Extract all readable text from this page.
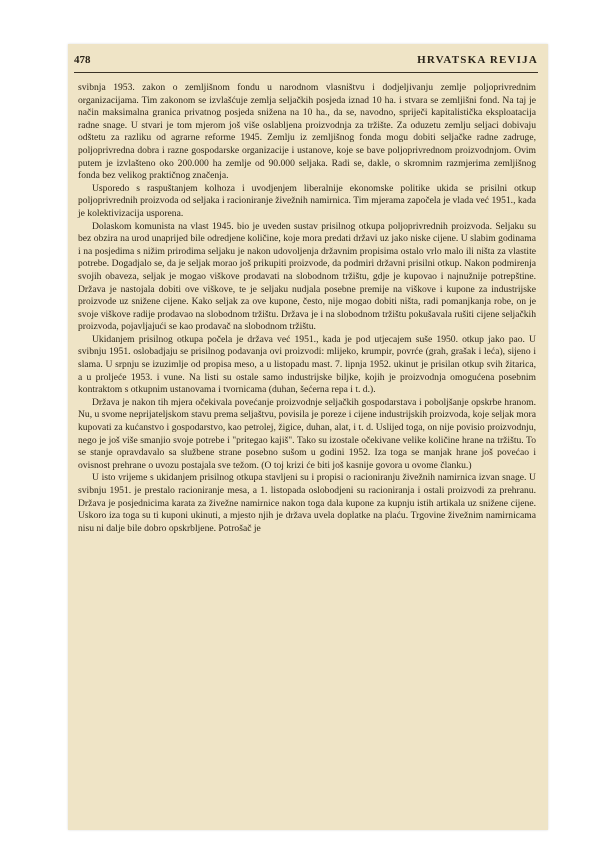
478	HRVATSKA REVIJA

svibnja 1953. zakon o zemljišnom fondu u narodnom vlasništvu i dodjeljivanju zemlje poljoprivrednim organizacijama. Tim zakonom se izvlašćuje zemlja seljačkih posjeda iznad 10 ha. i stvara se zemljišni fond. Na taj je način maksimalna granica privatnog posjeda snižena na 10 ha., da se, navodno, spriječi kapitalistička eksploatacija radne snage. U stvari je tom mjerom još više oslabljena proizvodnja za tržište. Za oduzetu zemlju seljaci dobivaju odštetu za razliku od agrarne reforme 1945. Zemlju iz zemljišnog fonda mogu dobiti seljačke radne zadruge, poljoprivredna dobra i razne gospodarske organizacije i ustanove, koje se bave poljoprivrednom proizvodnjom. Ovim putem je izvlašteno oko 200.000 ha zemlje od 90.000 seljaka. Radi se, dakle, o skromnim razmjerima zemljišnog fonda bez velikog praktičnog značenja.

Usporedo s raspuštanjem kolhoza i uvodjenjem liberalnije ekonomske politike ukida se prisilni otkup poljoprivrednih proizvoda od seljaka i racioniranje živežnih namirnica. Tim mjerama započela je vlada već 1951., kada je kolektivizacija usporena.

Dolaskom komunista na vlast 1945. bio je uveden sustav prisilnog otkupa poljoprivrednih proizvoda. Seljaku su bez obzira na urod unaprijed bile odredjene količine, koje mora predati državi uz jako niske cijene. U slabim godinama i na posjedima s nižim prirodima seljaku je nakon udovoljenja državnim propisima ostalo vrlo malo ili ništa za vlastite potrebe. Dogadjalo se, da je seljak morao još prikupiti proizvode, da podmiri državni prisilni otkup. Nakon podmirenja svojih obaveza, seljak je mogao viškove prodavati na slobodnom tržištu, gdje je kupovao i najnužnije potrepštine. Država je nastojala dobiti ove viškove, te je seljaku nudjala posebne premije na viškove i kupone za industrijske proizvode uz snižene cijene. Kako seljak za ove kupone, često, nije mogao dobiti ništa, radi pomanjkanja robe, on je svoje viškove radije prodavao na slobodnom tržištu. Država je i na slobodnom tržištu pokušavala rušiti cijene seljačkih proizvoda, pojavljajući se kao prodavač na slobodnom tržištu.

Ukidanjem prisilnog otkupa počela je država već 1951., kada je pod utjecajem suše 1950. otkup jako pao. U svibnju 1951. oslobadjaju se prisilnog podavanja ovi proizvodi: mlijeko, krumpir, povrće (grah, grašak i leća), sijeno i slama. U srpnju se izuzimlje od propisa meso, a u listopadu mast. 7. lipnja 1952. ukinut je prisilan otkup svih žitarica, a u proljeće 1953. i vune. Na listi su ostale samo industrijske biljke, kojih je proizvodnja omogućena posebnim kontraktom s otkupnim ustanovama i tvornicama (duhan, šećerna repa i t. d.).

Država je nakon tih mjera očekivala povećanje proizvodnje seljačkih gospodarstava i poboljšanje opskrbe hranom. Nu, u svome neprijateljskom stavu prema seljaštvu, povisila je poreze i cijene industrijskih proizvoda, koje seljak mora kupovati za kućanstvo i gospodarstvo, kao petrolej, žigice, duhan, alat, i t. d. Uslijed toga, on nije povisio proizvodnju, nego je još više smanjio svoje potrebe i "pritegao kajiš". Tako su izostale očekivane velike količine hrane na tržištu. To se stanje opravdavalo sa službene strane posebno sušom u godini 1952. Iza toga se manjak hrane još povećao i ovisnost prehrane o uvozu postajala sve težom. (O toj krizi će biti još kasnije govora u ovome članku.)

U isto vrijeme s ukidanjem prisilnog otkupa stavljeni su i propisi o racioniranju živežnih namirnica izvan snage. U svibnju 1951. je prestalo racioniranje mesa, a 1. listopada oslobodjeni su racioniranja i ostali proizvodi za prehranu. Država je posjednicima karata za živežne namirnice nakon toga dala kupone za kupnju istih artikala uz snižene cijene. Uskoro iza toga su ti kuponi ukinuti, a mjesto njih je država uvela doplatke na plaću. Trgovine živežnim namirnicama nisu ni dalje bile dobro opskrbljene. Potrošač je
